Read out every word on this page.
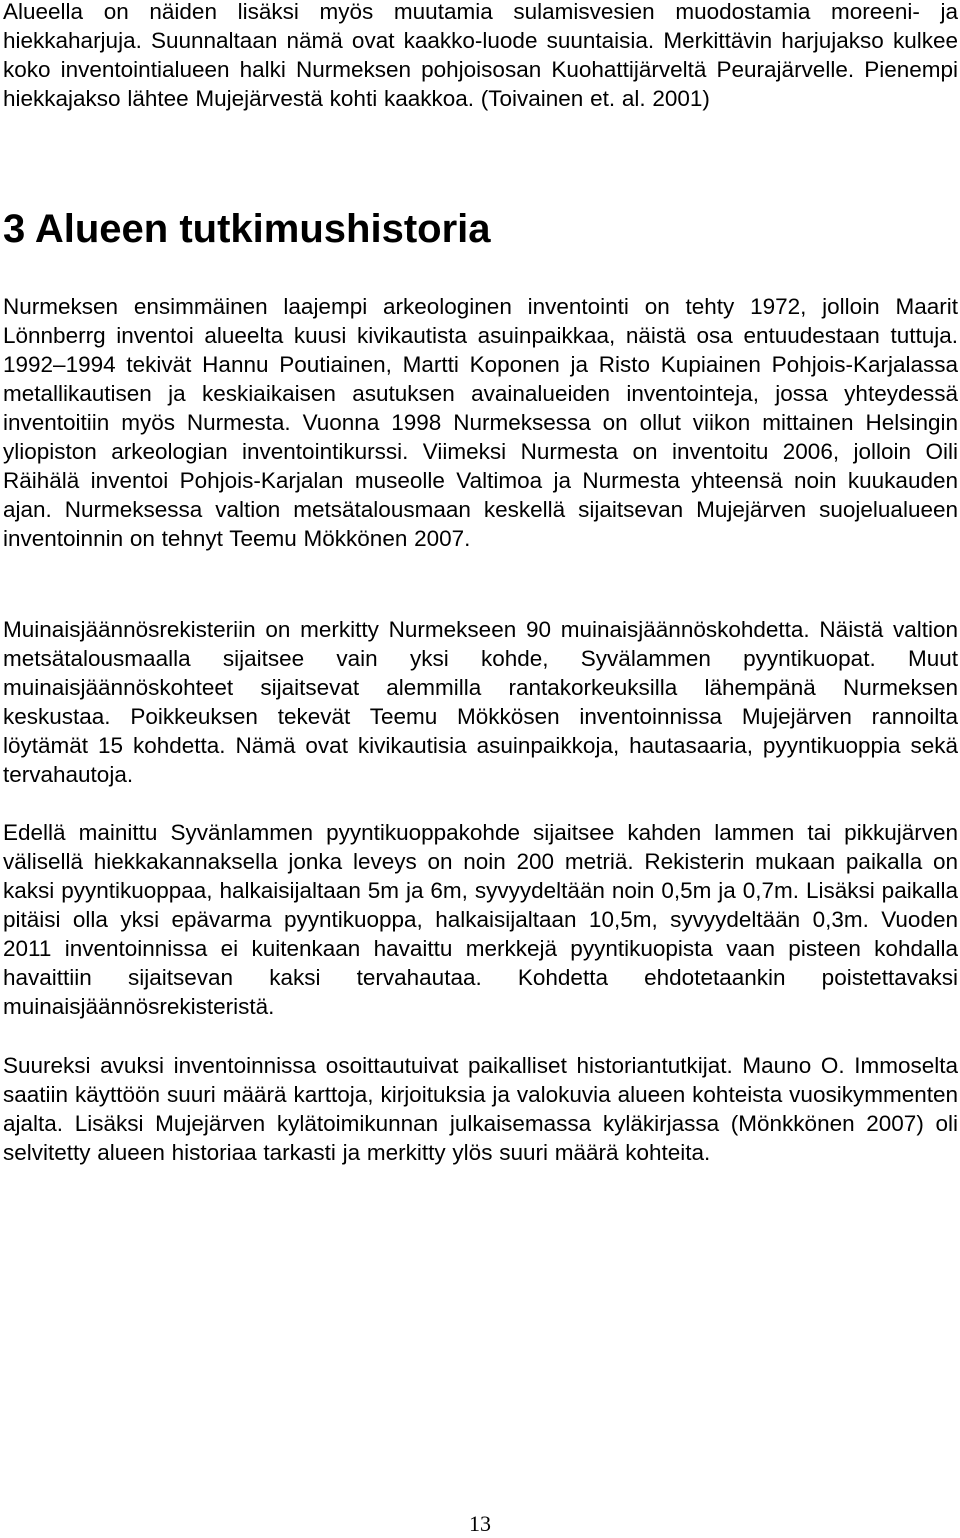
Alueella on näiden lisäksi myös muutamia sulamisvesien muodostamia moreeni- ja hiekkaharjuja. Suunnaltaan nämä ovat kaakko-luode suuntaisia. Merkittävin harjujakso kulkee koko inventointialueen halki Nurmeksen pohjoisosan Kuohattijärveltä Peurajärvelle. Pienempi hiekkajakso lähtee Mujejärvestä kohti kaakkoa. (Toivainen et. al. 2001)

3 Alueen tutkimushistoria

Nurmeksen ensimmäinen laajempi arkeologinen inventointi on tehty 1972, jolloin Maarit Lönnberrg inventoi alueelta kuusi kivikautista asuinpaikkaa, näistä osa entuudestaan tuttuja. 1992–1994 tekivät Hannu Poutiainen, Martti Koponen ja Risto Kupiainen Pohjois-Karjalassa metallikautisen ja keskiaikaisen asutuksen avainalueiden inventointeja, jossa yhteydessä inventoitiin myös Nurmesta. Vuonna 1998 Nurmeksessa on ollut viikon mittainen Helsingin yliopiston arkeologian inventointikurssi. Viimeksi Nurmesta on inventoitu 2006, jolloin Oili Räihälä inventoi Pohjois-Karjalan museolle Valtimoa ja Nurmesta yhteensä noin kuukauden ajan. Nurmeksessa valtion metsätalousmaan keskellä sijaitsevan Mujejärven suojelualueen inventoinnin on tehnyt Teemu Mökkönen 2007.

Muinaisjäännösrekisteriin on merkitty Nurmekseen 90 muinaisjäännöskohdetta. Näistä valtion metsätalousmaalla sijaitsee vain yksi kohde, Syvälammen pyyntikuopat. Muut muinaisjäännöskohteet sijaitsevat alemmilla rantakorkeuksilla lähempänä Nurmeksen keskustaa. Poikkeuksen tekevät Teemu Mökkösen inventoinnissa Mujejärven rannoilta löytämät 15 kohdetta. Nämä ovat kivikautisia asuinpaikkoja, hautasaaria, pyyntikuoppia sekä tervahautoja.

Edellä mainittu Syvänlammen pyyntikuoppakohde sijaitsee kahden lammen tai pikkujärven välisellä hiekkakannaksella jonka leveys on noin 200 metriä. Rekisterin mukaan paikalla on kaksi pyyntikuoppaa, halkaisijaltaan 5m ja 6m, syvyydeltään noin 0,5m ja 0,7m. Lisäksi paikalla pitäisi olla yksi epävarma pyyntikuoppa, halkaisijaltaan 10,5m, syvyydeltään 0,3m. Vuoden 2011 inventoinnissa ei kuitenkaan havaittu merkkejä pyyntikuopista vaan pisteen kohdalla havaittiin sijaitsevan kaksi tervahautaa. Kohdetta ehdotetaankin poistettavaksi muinaisjäännösrekisteristä.

Suureksi avuksi inventoinnissa osoittautuivat paikalliset historiantutkijat. Mauno O. Immoselta saatiin käyttöön suuri määrä karttoja, kirjoituksia ja valokuvia alueen kohteista vuosikymmenten ajalta. Lisäksi Mujejärven kylätoimikunnan julkaisemassa kyläkirjassa (Mönkkönen 2007) oli selvitetty alueen historiaa tarkasti ja merkitty ylös suuri määrä kohteita.

13
